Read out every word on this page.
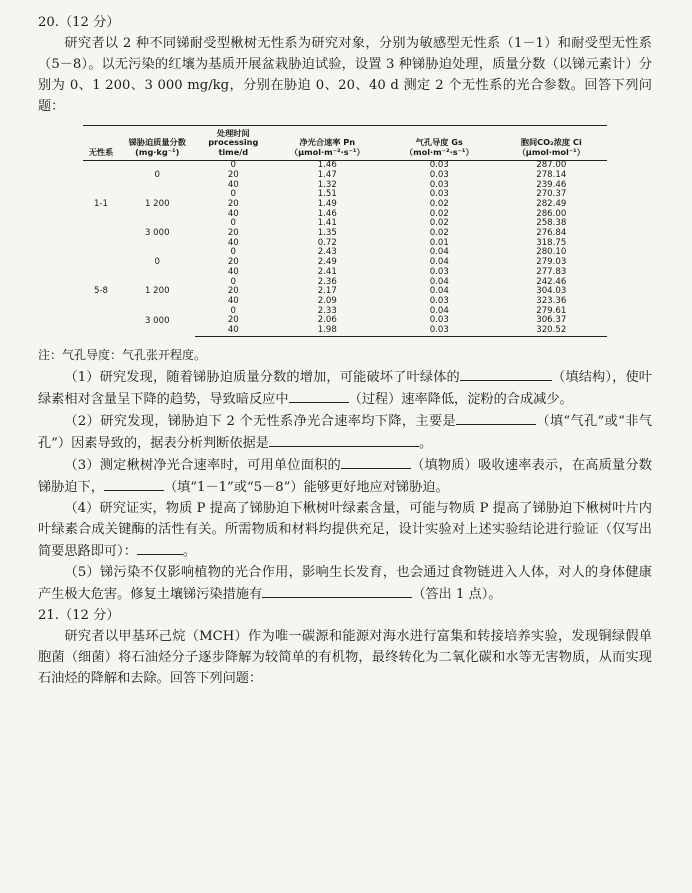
20.（12 分）

研究者以 2 种不同锑耐受型楸树无性系为研究对象，分别为敏感型无性系（1－1）和耐受型无性系（5－8）。以无污染的红壤为基质开展盆栽胁迫试验，设置 3 种锑胁迫处理，质量分数（以锑元素计）分别为 0、1 200、3 000 mg/kg，分别在胁迫 0、20、40 d 测定 2 个无性系的光合参数。回答下列问题：

无性系	锑胁迫质量分数(mg·kg⁻¹)	处理时间 processing time/d	净光合速率 Pn（μmol·m⁻²·s⁻¹）	气孔导度 Gs（mol·m⁻²·s⁻¹）	胞间CO₂浓度 Ci（μmol·mol⁻¹）
1-1	0	0	1.46	0.03	287.00
		20	1.47	0.03	278.14
		40	1.32	0.03	239.46
	1 200	0	1.51	0.03	270.37
		20	1.49	0.02	282.49
		40	1.46	0.02	286.00
	3 000	0	1.41	0.02	258.38
		20	1.35	0.02	276.84
		40	0.72	0.01	318.75
5-8	0	0	2.43	0.04	280.10
		20	2.49	0.04	279.03
		40	2.41	0.03	277.83
	1 200	0	2.36	0.04	242.46
		20	2.17	0.04	304.03
		40	2.09	0.03	323.36
	3 000	0	2.33	0.04	279.61
		20	2.06	0.03	306.37
		40	1.98	0.03	320.52

注：气孔导度：气孔张开程度。

（1）研究发现，随着锑胁迫质量分数的增加，可能破坏了叶绿体的	（填结构），使叶绿素相对含量呈下降的趋势，导致暗反应中	（过程）速率降低，淀粉的合成减少。

（2）研究发现，锑胁迫下 2 个无性系净光合速率均下降，主要是	（填“气孔”或“非气孔”）因素导致的，据表分析判断依据是	。

（3）测定楸树净光合速率时，可用单位面积的	（填物质）吸收速率表示，在高质量分数锑胁迫下，	（填“1－1”或“5－8”）能够更好地应对锑胁迫。

（4）研究证实，物质 P 提高了锑胁迫下楸树叶绿素含量，可能与物质 P 提高了锑胁迫下楸树叶片内叶绿素合成关键酶的活性有关。所需物质和材料均提供充足，设计实验对上述实验结论进行验证（仅写出简要思路即可）：	。

（5）锑污染不仅影响植物的光合作用，影响生长发育，也会通过食物链进入人体，对人的身体健康产生极大危害。修复土壤锑污染措施有	（答出 1 点）。

21.（12 分）

研究者以甲基环己烷（MCH）作为唯一碳源和能源对海水进行富集和转接培养实验，发现铜绿假单胞菌（细菌）将石油烃分子逐步降解为较简单的有机物，最终转化为二氧化碳和水等无害物质，从而实现石油烃的降解和去除。回答下列问题：
